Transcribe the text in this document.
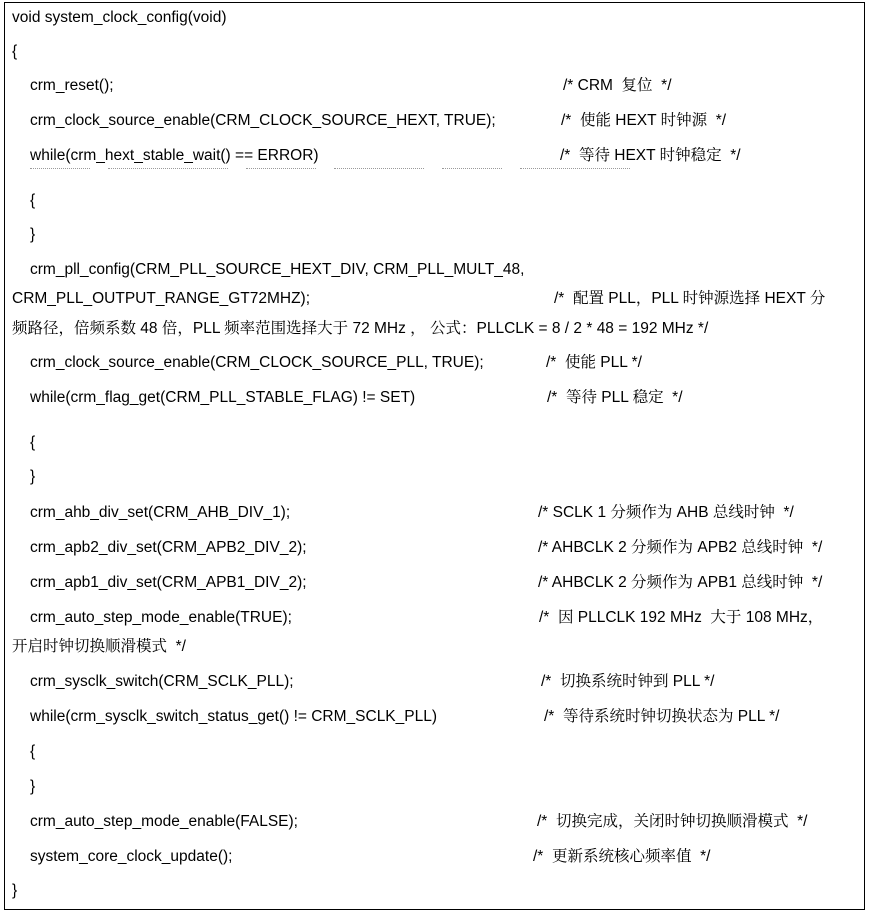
void system_clock_config(void)
{
crm_reset();	/* CRM  复位  */
crm_clock_source_enable(CRM_CLOCK_SOURCE_HEXT, TRUE);	/*  使能 HEXT 时钟源  */
while(crm_hext_stable_wait() == ERROR)	/*  等待 HEXT 时钟稳定  */
{
}
crm_pll_config(CRM_PLL_SOURCE_HEXT_DIV, CRM_PLL_MULT_48,
CRM_PLL_OUTPUT_RANGE_GT72MHZ);	/*  配置 PLL，PLL 时钟源选择 HEXT 分
频路径，倍频系数 48 倍，PLL 频率范围选择大于 72 MHz ， 公式：PLLCLK = 8 / 2 * 48 = 192 MHz */
crm_clock_source_enable(CRM_CLOCK_SOURCE_PLL, TRUE);	/*  使能 PLL */
while(crm_flag_get(CRM_PLL_STABLE_FLAG) != SET)	/*  等待 PLL 稳定  */
{
}
crm_ahb_div_set(CRM_AHB_DIV_1);	/* SCLK 1 分频作为 AHB 总线时钟  */
crm_apb2_div_set(CRM_APB2_DIV_2);	/* AHBCLK 2 分频作为 APB2 总线时钟  */
crm_apb1_div_set(CRM_APB1_DIV_2);	/* AHBCLK 2 分频作为 APB1 总线时钟  */
crm_auto_step_mode_enable(TRUE);	/*  因 PLLCLK 192 MHz  大于 108 MHz，
开启时钟切换顺滑模式  */
crm_sysclk_switch(CRM_SCLK_PLL);	/*  切换系统时钟到 PLL */
while(crm_sysclk_switch_status_get() != CRM_SCLK_PLL)	/*  等待系统时钟切换状态为 PLL */
{
}
crm_auto_step_mode_enable(FALSE);	/*  切换完成，关闭时钟切换顺滑模式  */
system_core_clock_update();	/*  更新系统核心频率值  */
}
